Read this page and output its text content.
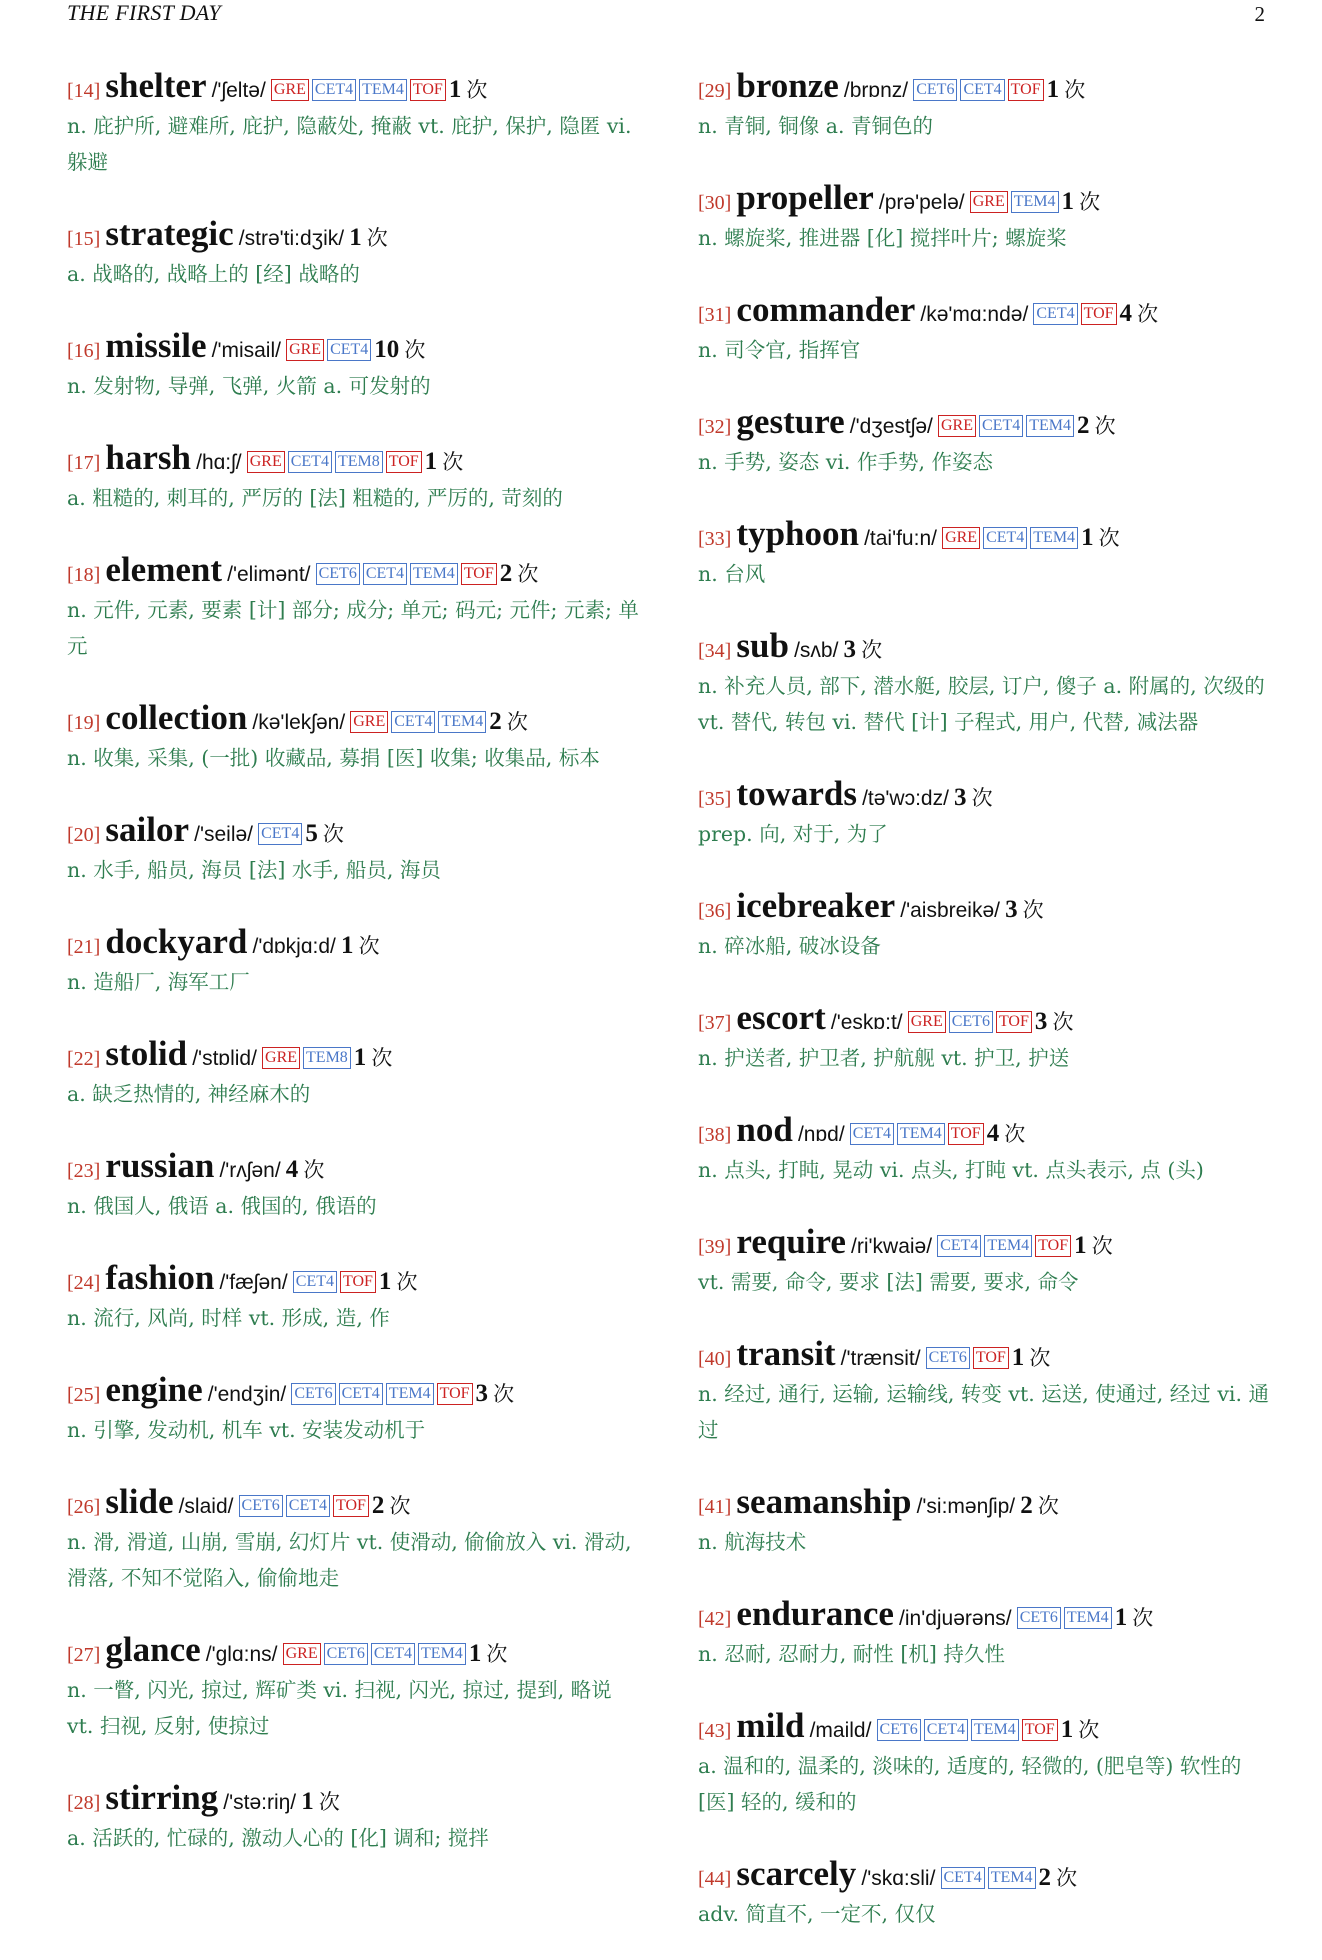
THE FIRST DAY	2
[14] shelter /'ʃeltə/ GRE CET4 TEM4 TOF 1 次
n. 庇护所, 避难所, 庇护, 隐蔽处, 掩蔽 vt. 庇护, 保护, 隐匿 vi. 躲避
[15] strategic /strə'ti:dʒik/ 1 次
a. 战略的, 战略上的 [经] 战略的
[16] missile /'misail/ GRE CET4 10 次
n. 发射物, 导弹, 飞弹, 火箭 a. 可发射的
[17] harsh /hɑ:ʃ/ GRE CET4 TEM8 TOF 1 次
a. 粗糙的, 刺耳的, 严厉的 [法] 粗糙的, 严厉的, 苛刻的
[18] element /'elimənt/ CET6 CET4 TEM4 TOF 2 次
n. 元件, 元素, 要素 [计] 部分; 成分; 单元; 码元; 元件; 元素; 单元
[19] collection /kə'lekʃən/ GRE CET4 TEM4 2 次
n. 收集, 采集, (一批) 收藏品, 募捐 [医] 收集; 收集品, 标本
[20] sailor /'seilə/ CET4 5 次
n. 水手, 船员, 海员 [法] 水手, 船员, 海员
[21] dockyard /'dɒkjɑ:d/ 1 次
n. 造船厂, 海军工厂
[22] stolid /'stɒlid/ GRE TEM8 1 次
a. 缺乏热情的, 神经麻木的
[23] russian /'rʌʃən/ 4 次
n. 俄国人, 俄语 a. 俄国的, 俄语的
[24] fashion /'fæʃən/ CET4 TOF 1 次
n. 流行, 风尚, 时样 vt. 形成, 造, 作
[25] engine /'endʒin/ CET6 CET4 TEM4 TOF 3 次
n. 引擎, 发动机, 机车 vt. 安装发动机于
[26] slide /slaid/ CET6 CET4 TOF 2 次
n. 滑, 滑道, 山崩, 雪崩, 幻灯片 vt. 使滑动, 偷偷放入 vi. 滑动, 滑落, 不知不觉陷入, 偷偷地走
[27] glance /'glɑ:ns/ GRE CET6 CET4 TEM4 1 次
n. 一瞥, 闪光, 掠过, 辉矿类 vi. 扫视, 闪光, 掠过, 提到, 略说 vt. 扫视, 反射, 使掠过
[28] stirring /'stə:riŋ/ 1 次
a. 活跃的, 忙碌的, 激动人心的 [化] 调和; 搅拌
[29] bronze /brɒnz/ CET6 CET4 TOF 1 次
n. 青铜, 铜像 a. 青铜色的
[30] propeller /prə'pelə/ GRE TEM4 1 次
n. 螺旋桨, 推进器 [化] 搅拌叶片; 螺旋桨
[31] commander /kə'mɑ:ndə/ CET4 TOF 4 次
n. 司令官, 指挥官
[32] gesture /'dʒestʃə/ GRE CET4 TEM4 2 次
n. 手势, 姿态 vi. 作手势, 作姿态
[33] typhoon /tai'fu:n/ GRE CET4 TEM4 1 次
n. 台风
[34] sub /sʌb/ 3 次
n. 补充人员, 部下, 潜水艇, 胶层, 订户, 傻子 a. 附属的, 次级的 vt. 替代, 转包 vi. 替代 [计] 子程式, 用户, 代替, 减法器
[35] towards /tə'wɔ:dz/ 3 次
prep. 向, 对于, 为了
[36] icebreaker /'aisbreikə/ 3 次
n. 碎冰船, 破冰设备
[37] escort /'eskɒ:t/ GRE CET6 TOF 3 次
n. 护送者, 护卫者, 护航舰 vt. 护卫, 护送
[38] nod /nɒd/ CET4 TEM4 TOF 4 次
n. 点头, 打盹, 晃动 vi. 点头, 打盹 vt. 点头表示, 点 (头)
[39] require /ri'kwaiə/ CET4 TEM4 TOF 1 次
vt. 需要, 命令, 要求 [法] 需要, 要求, 命令
[40] transit /'trænsit/ CET6 TOF 1 次
n. 经过, 通行, 运输, 运输线, 转变 vt. 运送, 使通过, 经过 vi. 通过
[41] seamanship /'si:mənʃip/ 2 次
n. 航海技术
[42] endurance /in'djuərəns/ CET6 TEM4 1 次
n. 忍耐, 忍耐力, 耐性 [机] 持久性
[43] mild /maild/ CET6 CET4 TEM4 TOF 1 次
a. 温和的, 温柔的, 淡味的, 适度的, 轻微的, (肥皂等) 软性的 [医] 轻的, 缓和的
[44] scarcely /'skɑ:sli/ CET4 TEM4 2 次
adv. 简直不, 一定不, 仅仅
